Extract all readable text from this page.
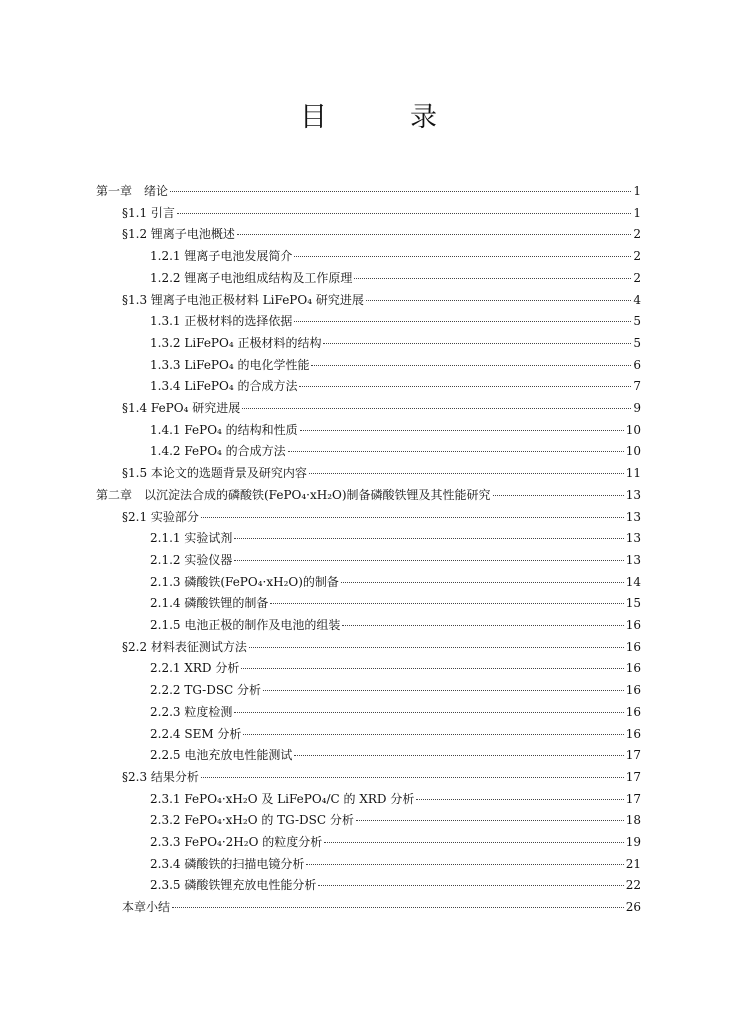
目　录
第一章　绪论	1
§1.1 引言	1
§1.2 锂离子电池概述	2
1.2.1 锂离子电池发展简介	2
1.2.2 锂离子电池组成结构及工作原理	2
§1.3 锂离子电池正极材料 LiFePO₄ 研究进展	4
1.3.1 正极材料的选择依据	5
1.3.2 LiFePO₄ 正极材料的结构	5
1.3.3 LiFePO₄ 的电化学性能	6
1.3.4 LiFePO₄ 的合成方法	7
§1.4 FePO₄ 研究进展	9
1.4.1 FePO₄ 的结构和性质	10
1.4.2 FePO₄ 的合成方法	10
§1.5 本论文的选题背景及研究内容	11
第二章　以沉淀法合成的磷酸铁(FePO₄·xH₂O)制备磷酸铁锂及其性能研究	13
§2.1 实验部分	13
2.1.1 实验试剂	13
2.1.2 实验仪器	13
2.1.3 磷酸铁(FePO₄·xH₂O)的制备	14
2.1.4 磷酸铁锂的制备	15
2.1.5 电池正极的制作及电池的组装	16
§2.2 材料表征测试方法	16
2.2.1 XRD 分析	16
2.2.2 TG-DSC 分析	16
2.2.3 粒度检测	16
2.2.4 SEM 分析	16
2.2.5 电池充放电性能测试	17
§2.3 结果分析	17
2.3.1 FePO₄·xH₂O 及 LiFePO₄/C 的 XRD 分析	17
2.3.2 FePO₄·xH₂O 的 TG-DSC 分析	18
2.3.3 FePO₄·2H₂O 的粒度分析	19
2.3.4 磷酸铁的扫描电镜分析	21
2.3.5 磷酸铁锂充放电性能分析	22
本章小结	26
